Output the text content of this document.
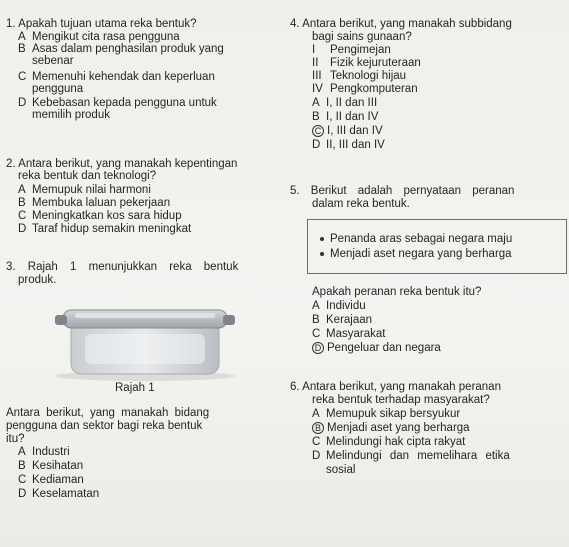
1. Apakah tujuan utama reka bentuk?
A Mengikut cita rasa pengguna
B Asas dalam penghasilan produk yang
sebenar
C Memenuhi kehendak dan keperluan
pengguna
D Kebebasan kepada pengguna untuk
memilih produk
2. Antara berikut, yang manakah kepentingan
reka bentuk dan teknologi?
A Memupuk nilai harmoni
B Membuka laluan pekerjaan
C Meningkatkan kos sara hidup
D Taraf hidup semakin meningkat
3. Rajah 1 menunjukkan reka bentuk
produk.
Rajah 1
Antara berikut, yang manakah bidang
pengguna dan sektor bagi reka bentuk
itu?
A Industri
B Kesihatan
C Kediaman
D Keselamatan
4. Antara berikut, yang manakah subbidang
bagi sains gunaan?
I Pengimejan
II Fizik kejuruteraan
III Teknologi hijau
IV Pengkomputeran
A I, II dan III
B I, II dan IV
C I, III dan IV
D II, III dan IV
5. Berikut adalah pernyataan peranan
dalam reka bentuk.
Penanda aras sebagai negara maju
Menjadi aset negara yang berharga
Apakah peranan reka bentuk itu?
A Individu
B Kerajaan
C Masyarakat
D Pengeluar dan negara
6. Antara berikut, yang manakah peranan
reka bentuk terhadap masyarakat?
A Memupuk sikap bersyukur
B Menjadi aset yang berharga
C Melindungi hak cipta rakyat
D Melindungi dan memelihara etika
sosial
